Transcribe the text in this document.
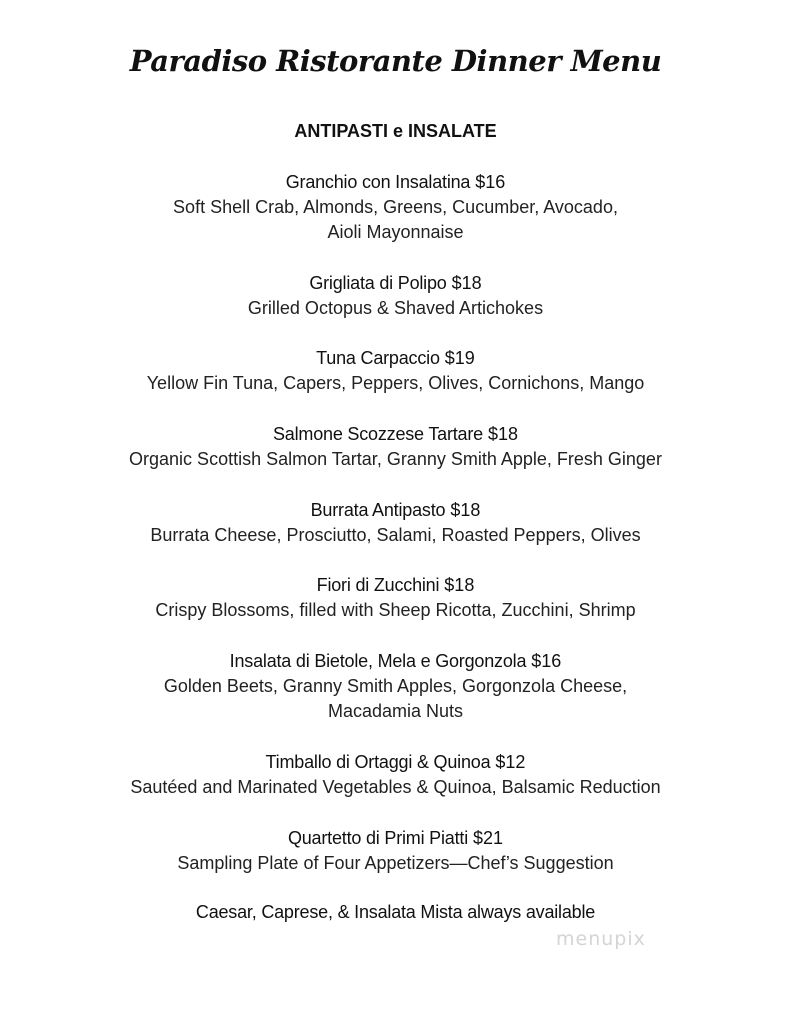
Paradiso Ristorante Dinner Menu
ANTIPASTI e INSALATE
Granchio con Insalatina $16
Soft Shell Crab, Almonds, Greens, Cucumber, Avocado,
Aioli Mayonnaise
Grigliata di Polipo $18
Grilled Octopus & Shaved Artichokes
Tuna Carpaccio $19
Yellow Fin Tuna, Capers, Peppers, Olives, Cornichons, Mango
Salmone Scozzese Tartare $18
Organic Scottish Salmon Tartar, Granny Smith Apple, Fresh Ginger
Burrata Antipasto $18
Burrata Cheese, Prosciutto, Salami, Roasted Peppers, Olives
Fiori di Zucchini $18
Crispy Blossoms, filled with Sheep Ricotta, Zucchini, Shrimp
Insalata di Bietole, Mela e Gorgonzola $16
Golden Beets, Granny Smith Apples, Gorgonzola Cheese,
Macadamia Nuts
Timballo di Ortaggi & Quinoa $12
Sautéed and Marinated Vegetables & Quinoa, Balsamic Reduction
Quartetto di Primi Piatti $21
Sampling Plate of Four Appetizers—Chef’s Suggestion
Caesar, Caprese, & Insalata Mista always available
menupix
